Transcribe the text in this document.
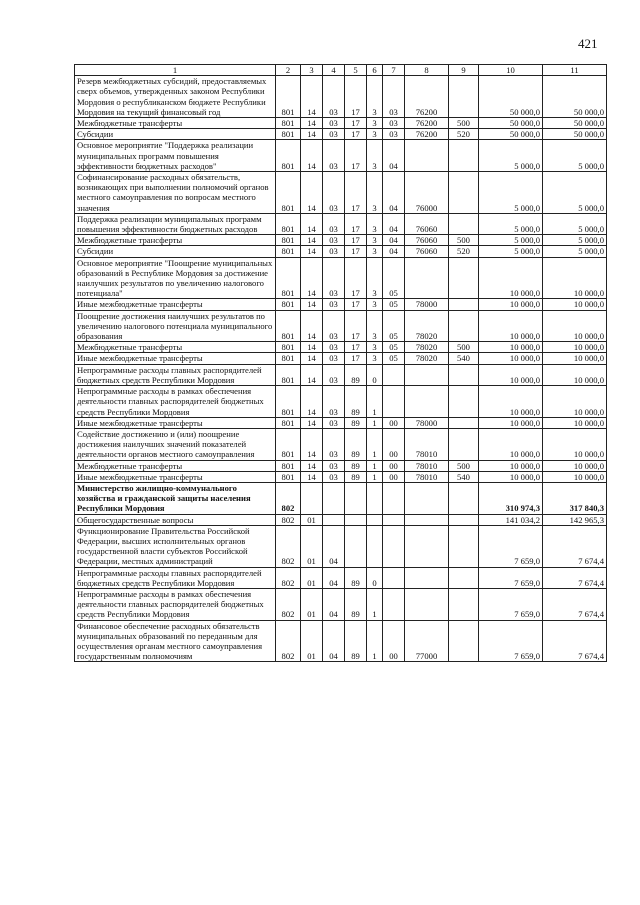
421
1	2	3	4	5	6	7	8	9	10	11
Резерв межбюджетных субсидий, предоставляемых сверх объемов, утвержденных законом Республики Мордовия о республиканском бюджете Республики Мордовия на текущий финансовый год	801	14	03	17	3	03	76200		50 000,0	50 000,0
Межбюджетные трансферты	801	14	03	17	3	03	76200	500	50 000,0	50 000,0
Субсидии	801	14	03	17	3	03	76200	520	50 000,0	50 000,0
Основное мероприятие "Поддержка реализации муниципальных программ повышения эффективности бюджетных расходов"	801	14	03	17	3	04			5 000,0	5 000,0
Софинансирование расходных обязательств, возникающих при выполнении полномочий органов местного самоуправления по вопросам местного значения	801	14	03	17	3	04	76000		5 000,0	5 000,0
Поддержка реализации муниципальных программ повышения эффективности бюджетных расходов	801	14	03	17	3	04	76060		5 000,0	5 000,0
Межбюджетные трансферты	801	14	03	17	3	04	76060	500	5 000,0	5 000,0
Субсидии	801	14	03	17	3	04	76060	520	5 000,0	5 000,0
Основное мероприятие "Поощрение муниципальных образований в Республике Мордовия за достижение наилучших результатов по увеличению налогового потенциала"	801	14	03	17	3	05			10 000,0	10 000,0
Иные межбюджетные трансферты	801	14	03	17	3	05	78000		10 000,0	10 000,0
Поощрение достижения наилучших результатов по увеличению налогового потенциала муниципального образования	801	14	03	17	3	05	78020		10 000,0	10 000,0
Межбюджетные трансферты	801	14	03	17	3	05	78020	500	10 000,0	10 000,0
Иные межбюджетные трансферты	801	14	03	17	3	05	78020	540	10 000,0	10 000,0
Непрограммные расходы главных распорядителей бюджетных средств Республики Мордовия	801	14	03	89	0				10 000,0	10 000,0
Непрограммные расходы в рамках обеспечения деятельности главных распорядителей бюджетных средств Республики Мордовия	801	14	03	89	1				10 000,0	10 000,0
Иные межбюджетные трансферты	801	14	03	89	1	00	78000		10 000,0	10 000,0
Содействие достижению и (или) поощрение достижения наилучших значений показателей деятельности органов местного самоуправления	801	14	03	89	1	00	78010		10 000,0	10 000,0
Межбюджетные трансферты	801	14	03	89	1	00	78010	500	10 000,0	10 000,0
Иные межбюджетные трансферты	801	14	03	89	1	00	78010	540	10 000,0	10 000,0
Министерство жилищно-коммунального хозяйства и гражданской защиты населения Республики Мордовия	802								310 974,3	317 840,3
Общегосударственные вопросы	802	01							141 034,2	142 965,3
Функционирование Правительства Российской Федерации, высших исполнительных органов государственной власти субъектов Российской Федерации, местных администраций	802	01	04						7 659,0	7 674,4
Непрограммные расходы главных распорядителей бюджетных средств Республики Мордовия	802	01	04	89	0				7 659,0	7 674,4
Непрограммные расходы в рамках обеспечения деятельности главных распорядителей бюджетных средств Республики Мордовия	802	01	04	89	1				7 659,0	7 674,4
Финансовое обеспечение расходных обязательств муниципальных образований по переданным для осуществления органам местного самоуправления государственным полномочиям	802	01	04	89	1	00	77000		7 659,0	7 674,4
